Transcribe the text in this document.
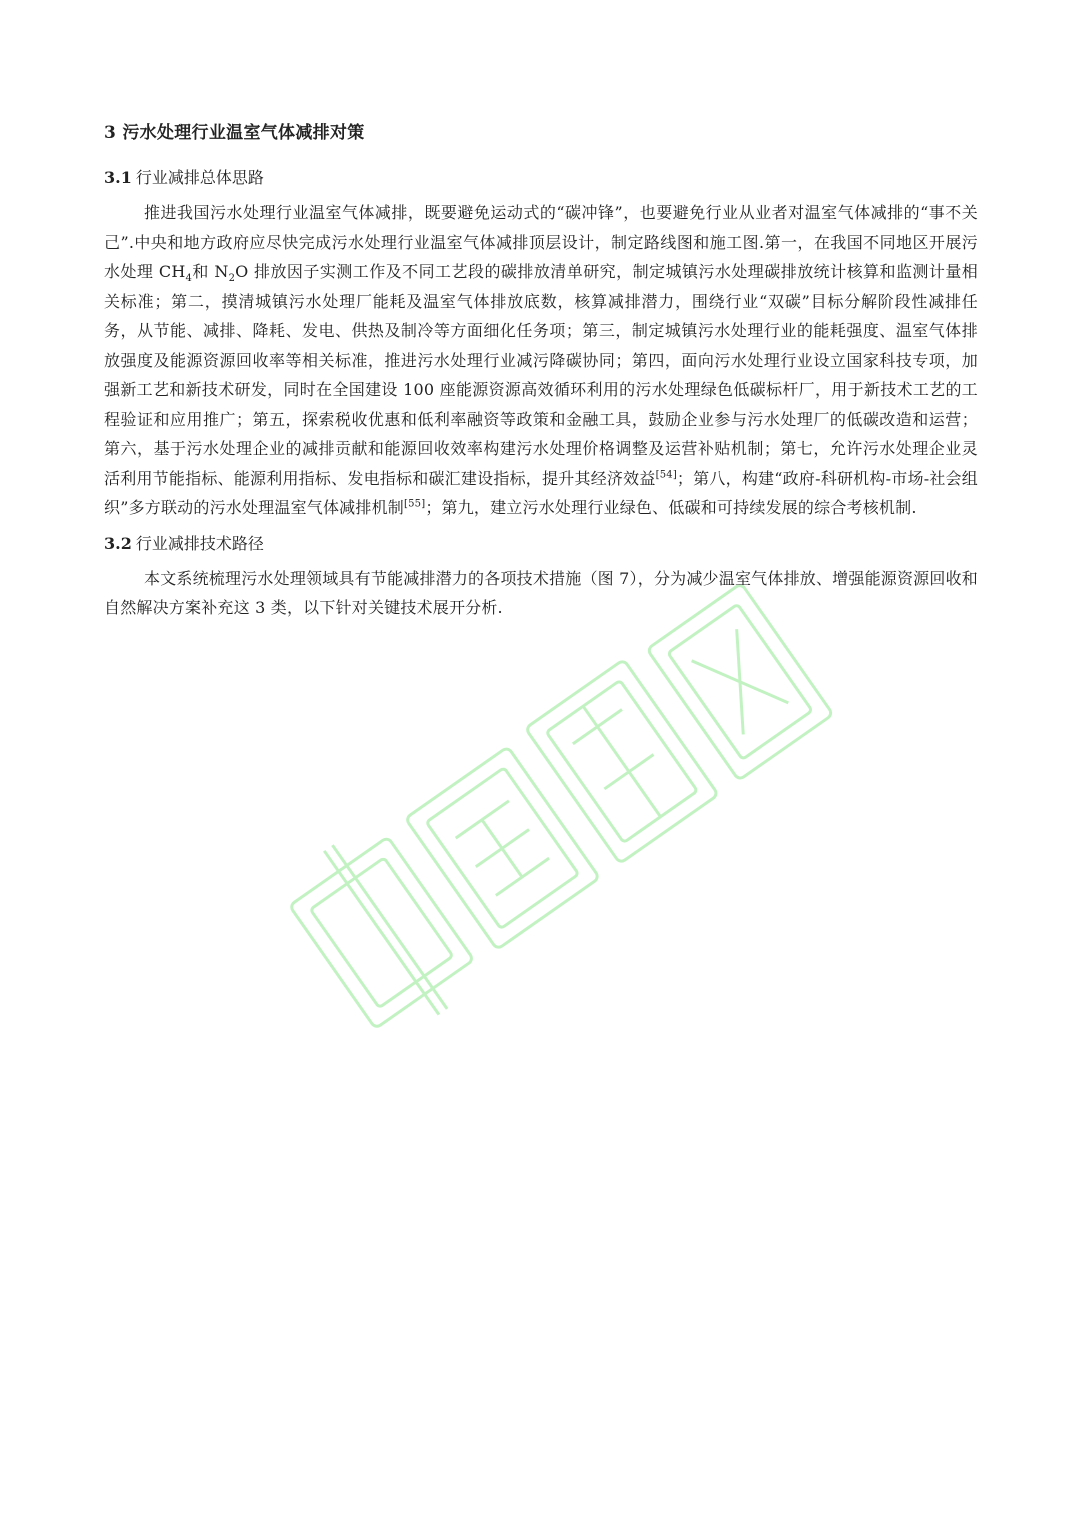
3 污水处理行业温室气体减排对策
3.1 行业减排总体思路

推进我国污水处理行业温室气体减排，既要避免运动式的“碳冲锋”，也要避免行业从业者对温室气体减排的“事不关己”.中央和地方政府应尽快完成污水处理行业温室气体减排顶层设计，制定路线图和施工图.第一，在我国不同地区开展污水处理 $CH_4$和 $N_2O$ 排放因子实测工作及不同工艺段的碳排放清单研究，制定城镇污水处理碳排放统计核算和监测计量相关标准；第二，摸清城镇污水处理厂能耗及温室气体排放底数，核算减排潜力，围绕行业“双碳”目标分解阶段性减排任务，从节能、减排、降耗、发电、供热及制冷等方面细化任务项；第三，制定城镇污水处理行业的能耗强度、温室气体排放强度及能源资源回收率等相关标准，推进污水处理行业减污降碳协同；第四，面向污水处理行业设立国家科技专项，加强新工艺和新技术研发，同时在全国建设 100 座能源资源高效循环利用的污水处理绿色低碳标杆厂，用于新技术工艺的工程验证和应用推广；第五，探索税收优惠和低利率融资等政策和金融工具，鼓励企业参与污水处理厂的低碳改造和运营；第六，基于污水处理企业的减排贡献和能源回收效率构建污水处理价格调整及运营补贴机制；第七，允许污水处理企业灵活利用节能指标、能源利用指标、发电指标和碳汇建设指标，提升其经济效益[54]；第八，构建“政府-科研机构-市场-社会组织”多方联动的污水处理温室气体减排机制[55]；第九，建立污水处理行业绿色、低碳和可持续发展的综合考核机制.

3.2 行业减排技术路径

本文系统梳理污水处理领域具有节能减排潜力的各项技术措施（图 7），分为减少温室气体排放、增强能源资源回收和自然解决方案补充这 3 类，以下针对关键技术展开分析.
